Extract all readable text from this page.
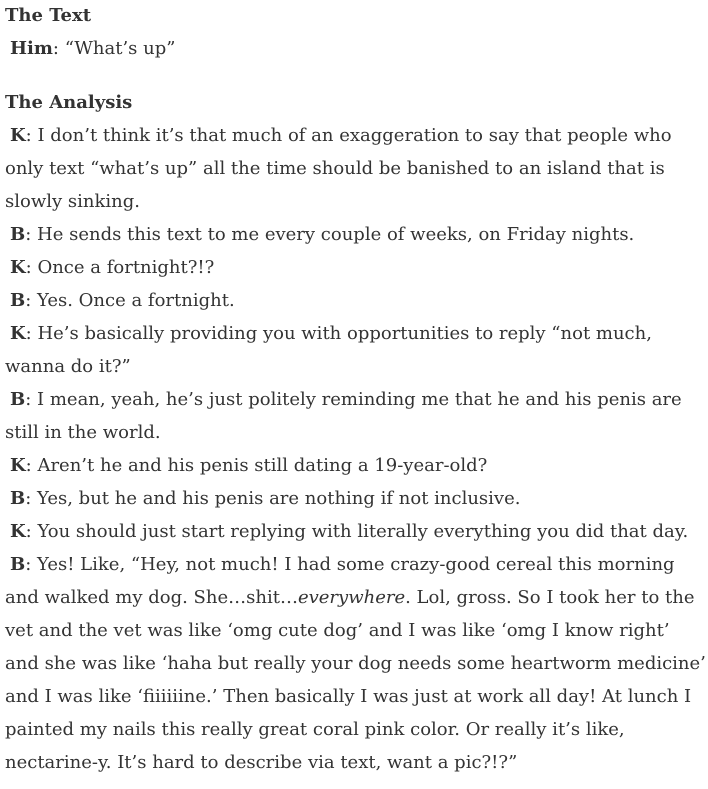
The Text

Him: “What’s up”

The Analysis

K: I don’t think it’s that much of an exaggeration to say that people who only text “what’s up” all the time should be banished to an island that is slowly sinking.

B: He sends this text to me every couple of weeks, on Friday nights.

K: Once a fortnight?!?

B: Yes. Once a fortnight.

K: He’s basically providing you with opportunities to reply “not much, wanna do it?”

B: I mean, yeah, he’s just politely reminding me that he and his penis are still in the world.

K: Aren’t he and his penis still dating a 19-year-old?

B: Yes, but he and his penis are nothing if not inclusive.

K: You should just start replying with literally everything you did that day.

B: Yes! Like, “Hey, not much! I had some crazy-good cereal this morning and walked my dog. She…shit…everywhere. Lol, gross. So I took her to the vet and the vet was like ‘omg cute dog’ and I was like ‘omg I know right’ and she was like ‘haha but really your dog needs some heartworm medicine’ and I was like ‘fiiiiiine.’ Then basically I was just at work all day! At lunch I painted my nails this really great coral pink color. Or really it’s like, nectarine-y. It’s hard to describe via text, want a pic?!?”
